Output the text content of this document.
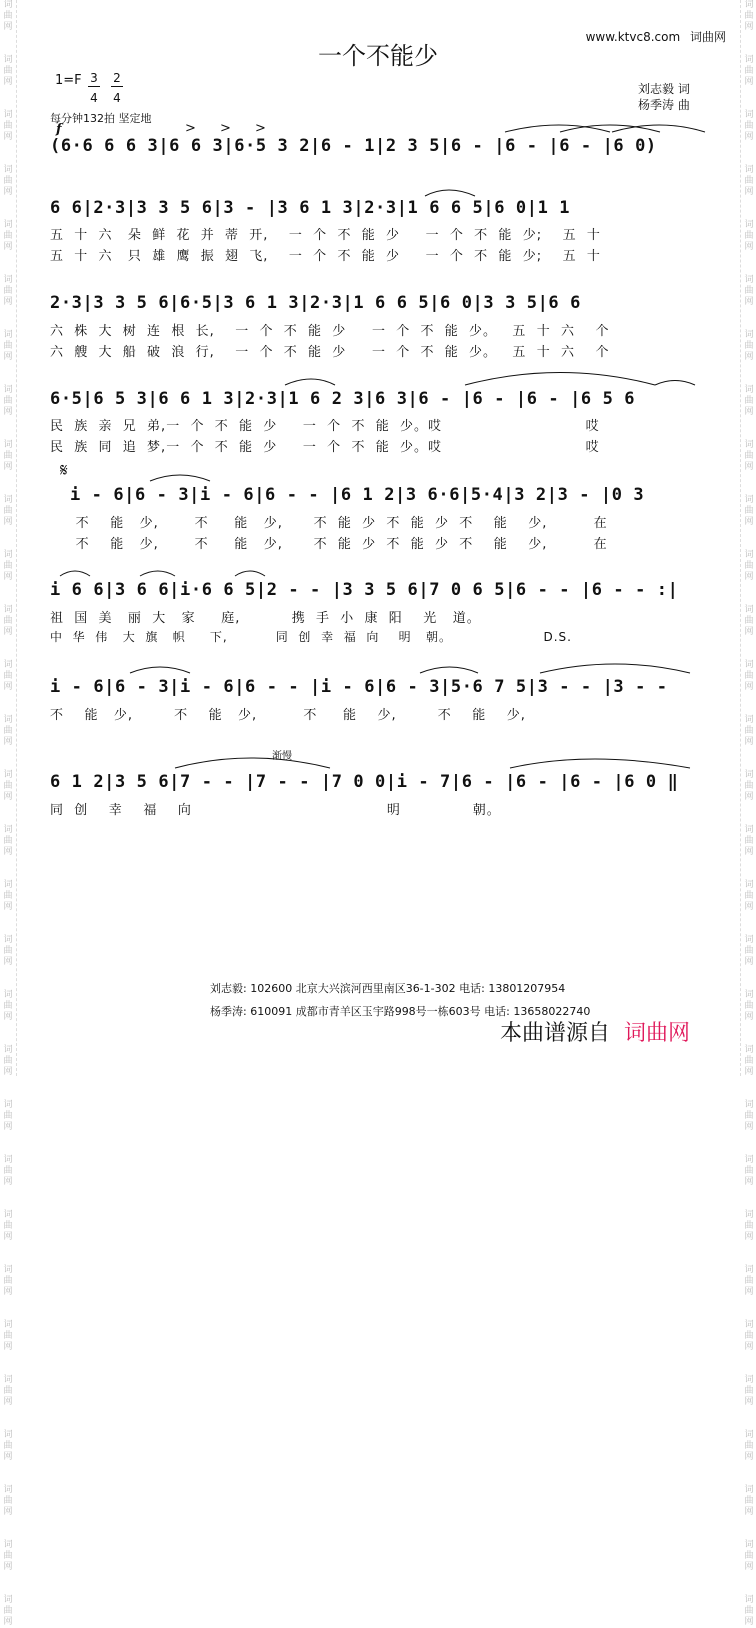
词
曲
网

词
曲
网

词
曲
网

词
曲
网

词
曲
网

词
曲
网

词
曲
网

词
曲
网

词
曲
网

词
曲
网

词
曲
网

词
曲
网

词
曲
网

词
曲
网

词
曲
网

词
曲
网

词
曲
网

词
曲
网

词
曲
网

词
曲
网

词
曲
网

词
曲
网

词
曲
网

词
曲
网

词
曲
网

词
曲
网

词
曲
网

词
曲
网

词
曲
网

词
曲
网

词
曲
网

词
曲
网

词
曲
网

词
曲
网

词
曲
网

词
曲
网

词
曲
网

词
曲
网

词
曲
网

词
曲
网

词
曲
网

词
曲
网

词
曲
网

词
曲
网

词
曲
网

词
曲
网

词
曲
网

词
曲
网

词
曲
网

词
曲
网

词
曲
网

词
曲
网

词
曲
网

词
曲
网

词
曲
网

词
曲
网

词
曲
网

词
曲
网

词
曲
网

词
曲
网

www.ktvc8.com 词曲网
一个不能少
1=F 3
4
2
4
每分钟132拍 坚定地
f	> > >
刘志毅 词
杨季涛 曲
(6·6 6 6 3|6 6 3|6·5 3 2|6 - 1|2 3 5|6 - |6 - |6 - |6 0)
6 6|2·3|3 3 5 6|3 - |3 6 1 3|2·3|1 6 6 5|6 0|1 1
五  十  六   朵  鲜  花  并  蒂  开,    一  个  不  能  少     一  个  不  能  少;    五  十
五  十  六   只  雄  鹰  振  翅  飞,    一  个  不  能  少     一  个  不  能  少;    五  十
2·3|3 3 5 6|6·5|3 6 1 3|2·3|1 6 6 5|6 0|3 3 5|6 6
六  株  大  树  连  根  长,    一  个  不  能  少     一  个  不  能  少。   五  十  六    个
六  艘  大  船  破  浪  行,    一  个  不  能  少     一  个  不  能  少。   五  十  六    个
6·5|6 5 3|6 6 1 3|2·3|1 6 2 3|6 3|6 - |6 - |6 - |6 5 6
民  族  亲  兄  弟,一  个  不  能  少     一  个  不  能  少。哎                            哎
民  族  同  追  梦,一  个  不  能  少     一  个  不  能  少。哎                            哎
𝄋
i - 6|6 - 3|i - 6|6 - - |6 1 2|3 6·6|5·4|3 2|3 - |0 3
不    能   少,       不     能   少,      不  能  少  不  能  少  不    能    少,         在
不    能   少,       不     能   少,      不  能  少  不  能  少  不    能    少,         在
i 6 6|3 6 6|i·6 6 5|2 - - |3 3 5 6|7 0 6 5|6 - - |6 - - :|
祖  国  美   丽  大   家     庭,          携  手  小  康  阳    光   道。
中  华  伟   大  旗   帜     下,          同  创  幸  福  向    明   朝。                   D.S.
i - 6|6 - 3|i - 6|6 - - |i - 6|6 - 3|5·6 7 5|3 - - |3 - -
不    能   少,        不    能   少,         不     能    少,        不    能    少,
渐慢
6 1 2|3 5 6|7 - - |7 - - |7 0 0|i - 7|6 - |6 - |6 - |6 0 ‖
同  创    幸    福    向                                      明              朝。
刘志毅: 102600 北京大兴滨河西里南区36-1-302 电话: 13801207954
杨季涛: 610091 成都市青羊区玉宇路998号一栋603号 电话: 13658022740
本曲谱源自 词曲网
